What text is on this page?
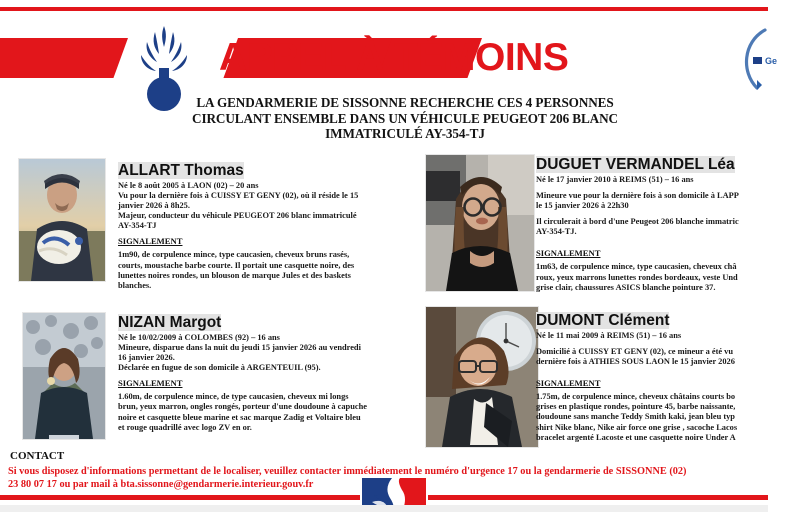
APPEL À TÉMOINS
LA GENDARMERIE DE SISSONNE RECHERCHE CES 4 PERSONNES
CIRCULANT ENSEMBLE DANS UN VÉHICULE PEUGEOT 206 BLANC
IMMATRICULÉ AY-354-TJ
Ge
ALLART Thomas

Né le 8 août 2005 à LAON (02) – 20 ans

Vu pour la dernière fois à CUISSY ET GENY (02), où il réside le 15

janvier 2026 à 8h25.

Majeur, conducteur du véhicule PEUGEOT 206 blanc immatriculé

AY-354-TJ

SIGNALEMENT

1m90, de corpulence mince, type caucasien, cheveux bruns rasés,

courts, moustache barbe courte. Il portait une casquette noire, des

lunettes noires rondes, un blouson de marque Jules et des baskets

blanches.

DUGUET VERMANDEL Léa

Né le 17 janvier 2010 à REIMS (51) – 16 ans

Mineure vue pour la dernière fois à son domicile à LAPP

le 15 janvier 2026 à 22h30

Il circulerait à bord d'une Peugeot 206 blanche immatric

AY-354-TJ.

SIGNALEMENT

1m63, de corpulence mince, type caucasien, cheveux châ

roux, yeux marrons lunettes rondes bordeaux, veste Und

grise clair, chaussures ASICS blanche pointure 37.

NIZAN Margot

Né le 10/02/2009 à COLOMBES (92) – 16 ans

Mineure, disparue dans la nuit du jeudi 15 janvier 2026 au vendredi

16 janvier 2026.

Déclarée en fugue de son domicile à ARGENTEUIL (95).

SIGNALEMENT

1.60m, de corpulence mince, de type caucasien, cheveux mi longs

brun, yeux marron, ongles rongés, porteur d'une doudoune à capuche

noire et casquette bleue marine et sac marque Zadig et Voltaire bleu

et rouge quadrillé avec logo ZV en or.

DUMONT Clément

Né le 11 mai 2009 à REIMS (51) – 16 ans

Domicilié à CUISSY ET GENY (02), ce mineur a été vu

dernière fois à ATHIES SOUS LAON le 15 janvier 2026

SIGNALEMENT

1.75m, de corpulence mince, cheveux châtains courts bo

grises en plastique rondes, pointure 45, barbe naissante,

doudoune sans manche Teddy Smith kaki, jean bleu typ

shirt Nike blanc, Nike air force one grise , sacoche Lacos

bracelet argenté Lacoste et une casquette noire Under A

CONTACT
Si vous disposez d'informations permettant de le localiser, veuillez contacter immédiatement le numéro d'urgence 17 ou la gendarmerie de SISSONNE (02)
23 80 07 17 ou par mail à bta.sissonne@gendarmerie.interieur.gouv.fr
